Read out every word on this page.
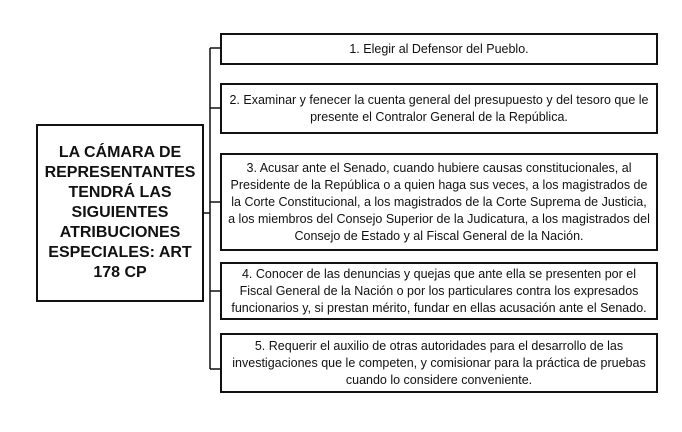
LA CÁMARA DE REPRESENTANTES TENDRÁ LAS SIGUIENTES ATRIBUCIONES ESPECIALES: ART 178 CP
1. Elegir al Defensor del Pueblo.
2. Examinar y fenecer la cuenta general del presupuesto y del tesoro que le presente el Contralor General de la República.
3. Acusar ante el Senado, cuando hubiere causas constitucionales, al Presidente de la República o a quien haga sus veces, a los magistrados de la Corte Constitucional, a los magistrados de la Corte Suprema de Justicia, a los miembros del Consejo Superior de la Judicatura, a los magistrados del Consejo de Estado y al Fiscal General de la Nación.
4. Conocer de las denuncias y quejas que ante ella se presenten por el Fiscal General de la Nación o por los particulares contra los expresados funcionarios y, si prestan mérito, fundar en ellas acusación ante el Senado.
5. Requerir el auxilio de otras autoridades para el desarrollo de las investigaciones que le competen, y comisionar para la práctica de pruebas cuando lo considere conveniente.
